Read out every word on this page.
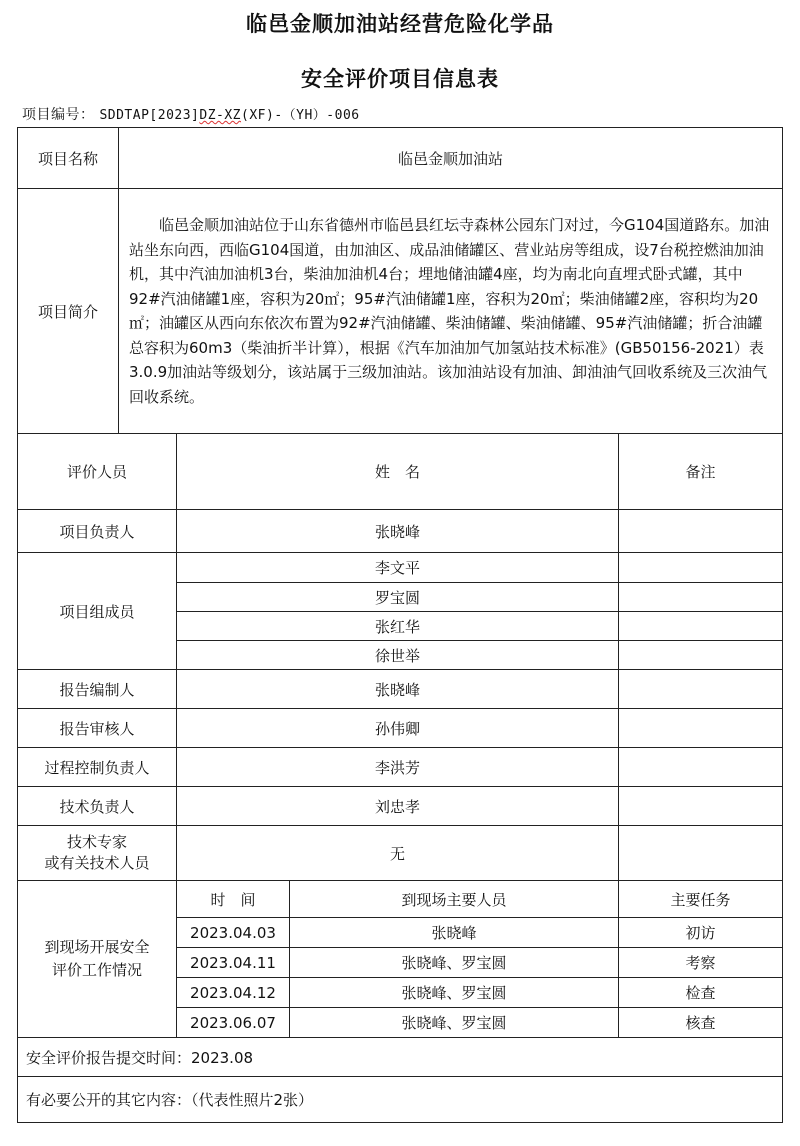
临邑金顺加油站经营危险化学品
安全评价项目信息表
项目编号： SDDTAP[2023]DZ-XZ(XF)-（YH）-006
项目名称	临邑金顺加油站			
项目简介	临邑金顺加油站位于山东省德州市临邑县红坛寺森林公园东门对过，今G104国道路东。加油站坐东向西，西临G104国道，由加油区、成品油储罐区、营业站房等组成，设7台税控燃油加油机，其中汽油加油机3台，柴油加油机4台；埋地储油罐4座，均为南北向直埋式卧式罐，其中92#汽油储罐1座，容积为20㎡；95#汽油储罐1座，容积为20㎡；柴油储罐2座，容积均为20㎡；油罐区从西向东依次布置为92#汽油储罐、柴油储罐、柴油储罐、95#汽油储罐；折合油罐总容积为60m3（柴油折半计算），根据《汽车加油加气加氢站技术标准》(GB50156-2021）表3.0.9加油站等级划分，该站属于三级加油站。该加油站设有加油、卸油油气回收系统及三次油气回收系统。			
评价人员		姓　名		备注
项目负责人		张晓峰		
项目组成员		李文平		
		罗宝圆		
		张红华		
		徐世举		
报告编制人		张晓峰		
报告审核人		孙伟卿		
过程控制负责人		李洪芳		
技术负责人		刘忠孝		

技术专家
或有关技术人员		无		

到现场开展安全
评价工作情况		时　间	到现场主要人员	主要任务
		2023.04.03	张晓峰	初访
		2023.04.11	张晓峰、罗宝圆	考察
		2023.04.12	张晓峰、罗宝圆	检查
		2023.06.07	张晓峰、罗宝圆	核查
安全评价报告提交时间：2023.08				
有必要公开的其它内容：（代表性照片2张）				
